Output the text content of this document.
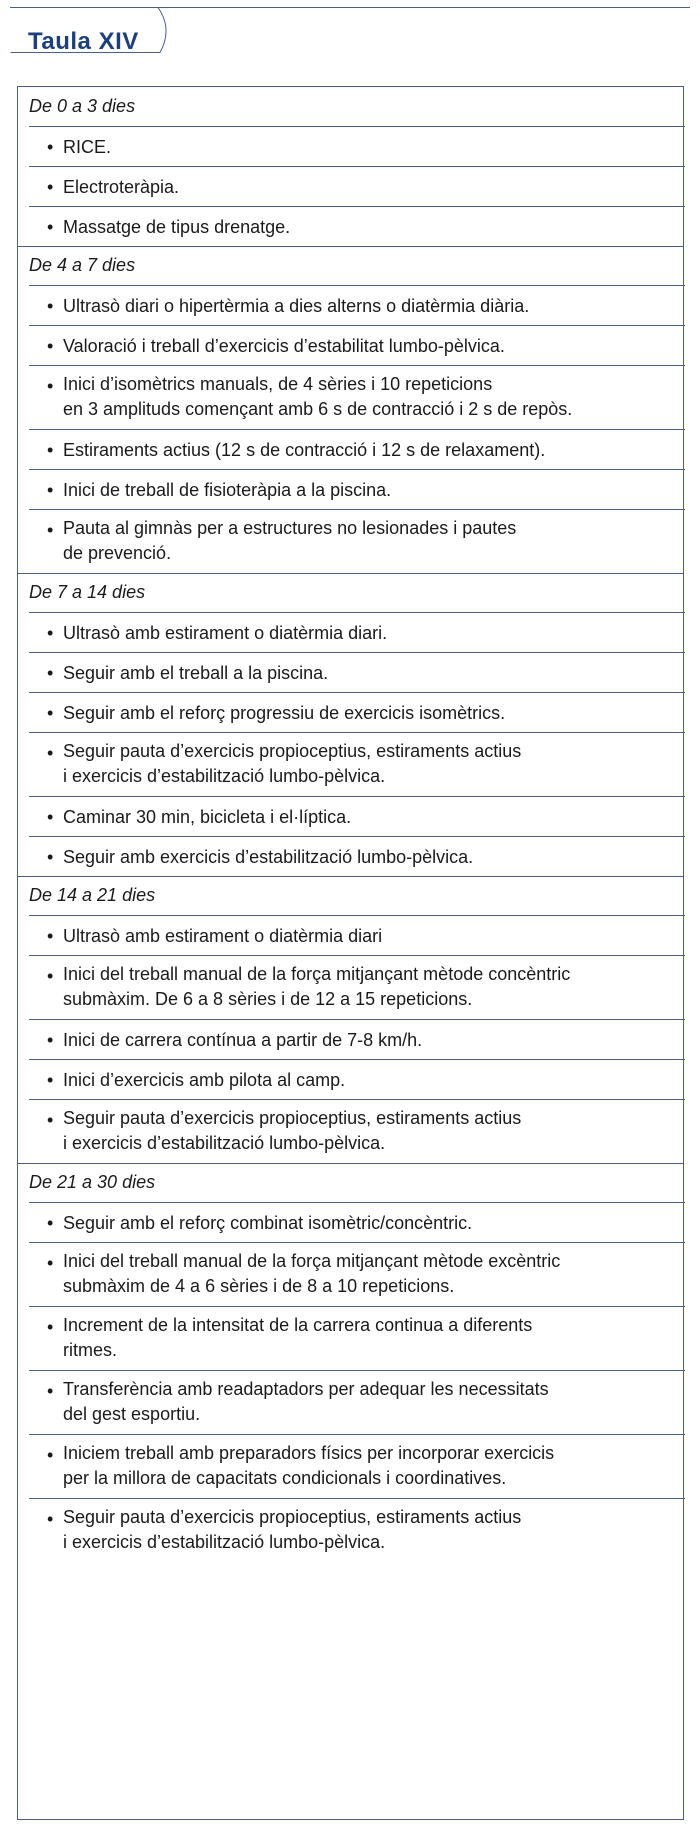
Taula XIV
De 0 a 3 dies
• RICE.
• Electroteràpia.
• Massatge de tipus drenatge.
De 4 a 7 dies
• Ultrasò diari o hipertèrmia a dies alterns o diatèrmia diària.
• Valoració i treball d’exercicis d’estabilitat lumbo-pèlvica.
• Inici d’isomètrics manuals, de 4 sèries i 10 repeticions
en 3 amplituds començant amb 6 s de contracció i 2 s de repòs.
• Estiraments actius (12 s de contracció i 12 s de relaxament).
• Inici de treball de fisioteràpia a la piscina.
• Pauta al gimnàs per a estructures no lesionades i pautes
de prevenció.
De 7 a 14 dies
• Ultrasò amb estirament o diatèrmia diari.
• Seguir amb el treball a la piscina.
• Seguir amb el reforç progressiu de exercicis isomètrics.
• Seguir pauta d’exercicis propioceptius, estiraments actius
i exercicis d’estabilització lumbo-pèlvica.
• Caminar 30 min, bicicleta i el·líptica.
• Seguir amb exercicis d’estabilització lumbo-pèlvica.
De 14 a 21 dies
• Ultrasò amb estirament o diatèrmia diari
• Inici del treball manual de la força mitjançant mètode concèntric
submàxim. De 6 a 8 sèries i de 12 a 15 repeticions.
• Inici de carrera contínua a partir de 7-8 km/h.
• Inici d’exercicis amb pilota al camp.
• Seguir pauta d’exercicis propioceptius, estiraments actius
i exercicis d’estabilització lumbo-pèlvica.
De 21 a 30 dies
• Seguir amb el reforç combinat isomètric/concèntric.
• Inici del treball manual de la força mitjançant mètode excèntric
submàxim de 4 a 6 sèries i de 8 a 10 repeticions.
• Increment de la intensitat de la carrera continua a diferents
ritmes.
• Transferència amb readaptadors per adequar les necessitats
del gest esportiu.
• Iniciem treball amb preparadors físics per incorporar exercicis
per la millora de capacitats condicionals i coordinatives.
• Seguir pauta d’exercicis propioceptius, estiraments actius
i exercicis d’estabilització lumbo-pèlvica.
